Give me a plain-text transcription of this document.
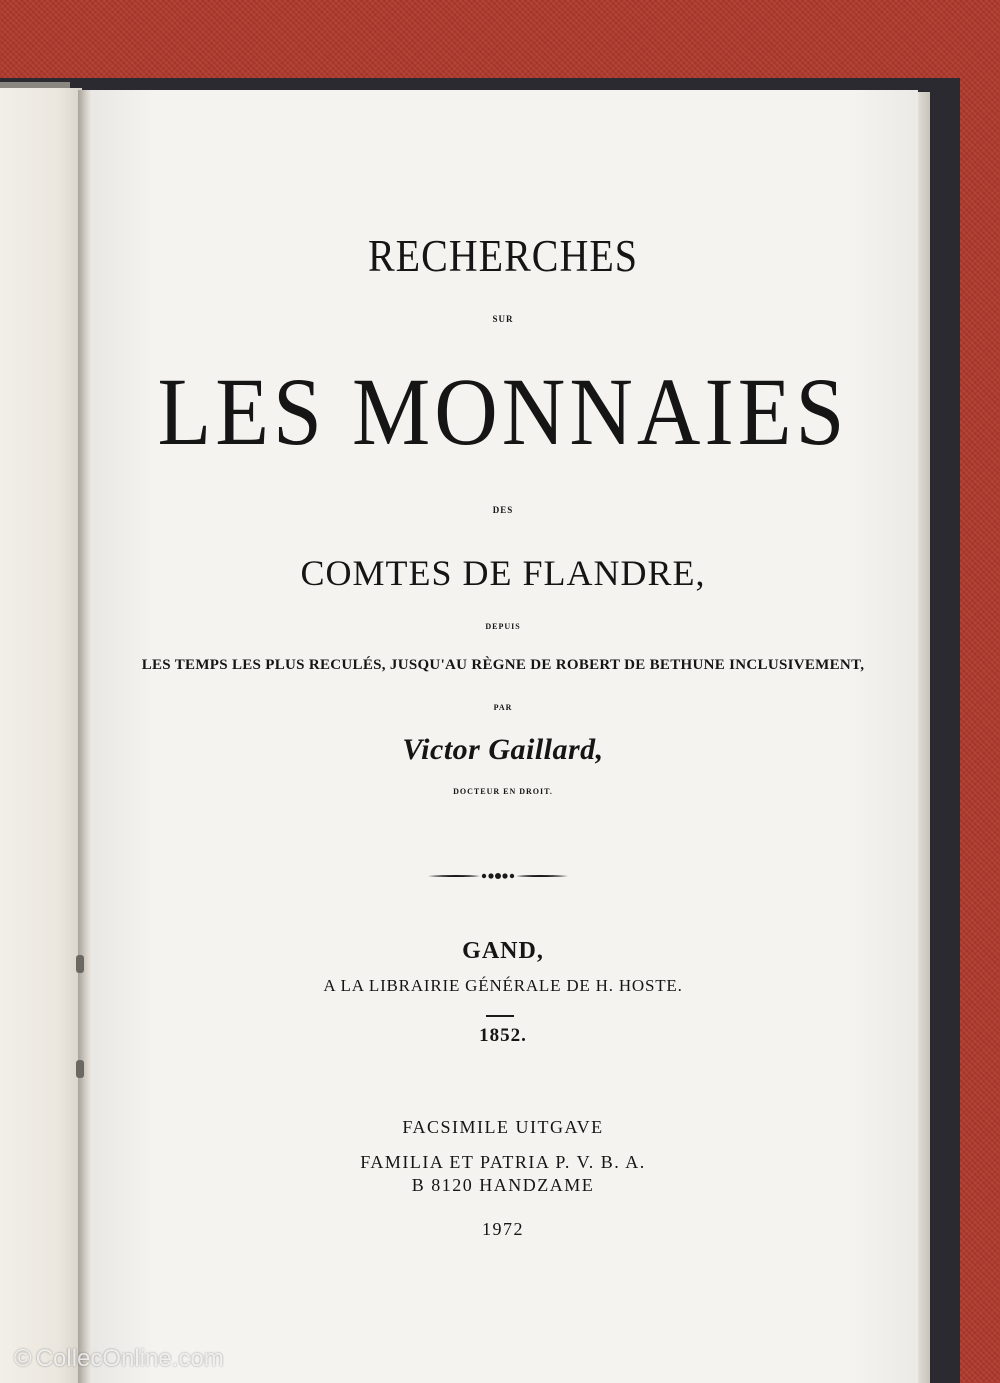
RECHERCHES

SUR

LES MONNAIES

DES

COMTES DE FLANDRE,

DEPUIS

LES TEMPS LES PLUS RECULÉS, JUSQU'AU RÈGNE DE ROBERT DE BETHUNE INCLUSIVEMENT,

PAR

Victor Gaillard,

DOCTEUR EN DROIT.

GAND,

A LA LIBRAIRIE GÉNÉRALE DE H. HOSTE.

1852.

FACSIMILE UITGAVE

FAMILIA ET PATRIA P. V. B. A.

B 8120 HANDZAME

1972

© CollecOnline.com
